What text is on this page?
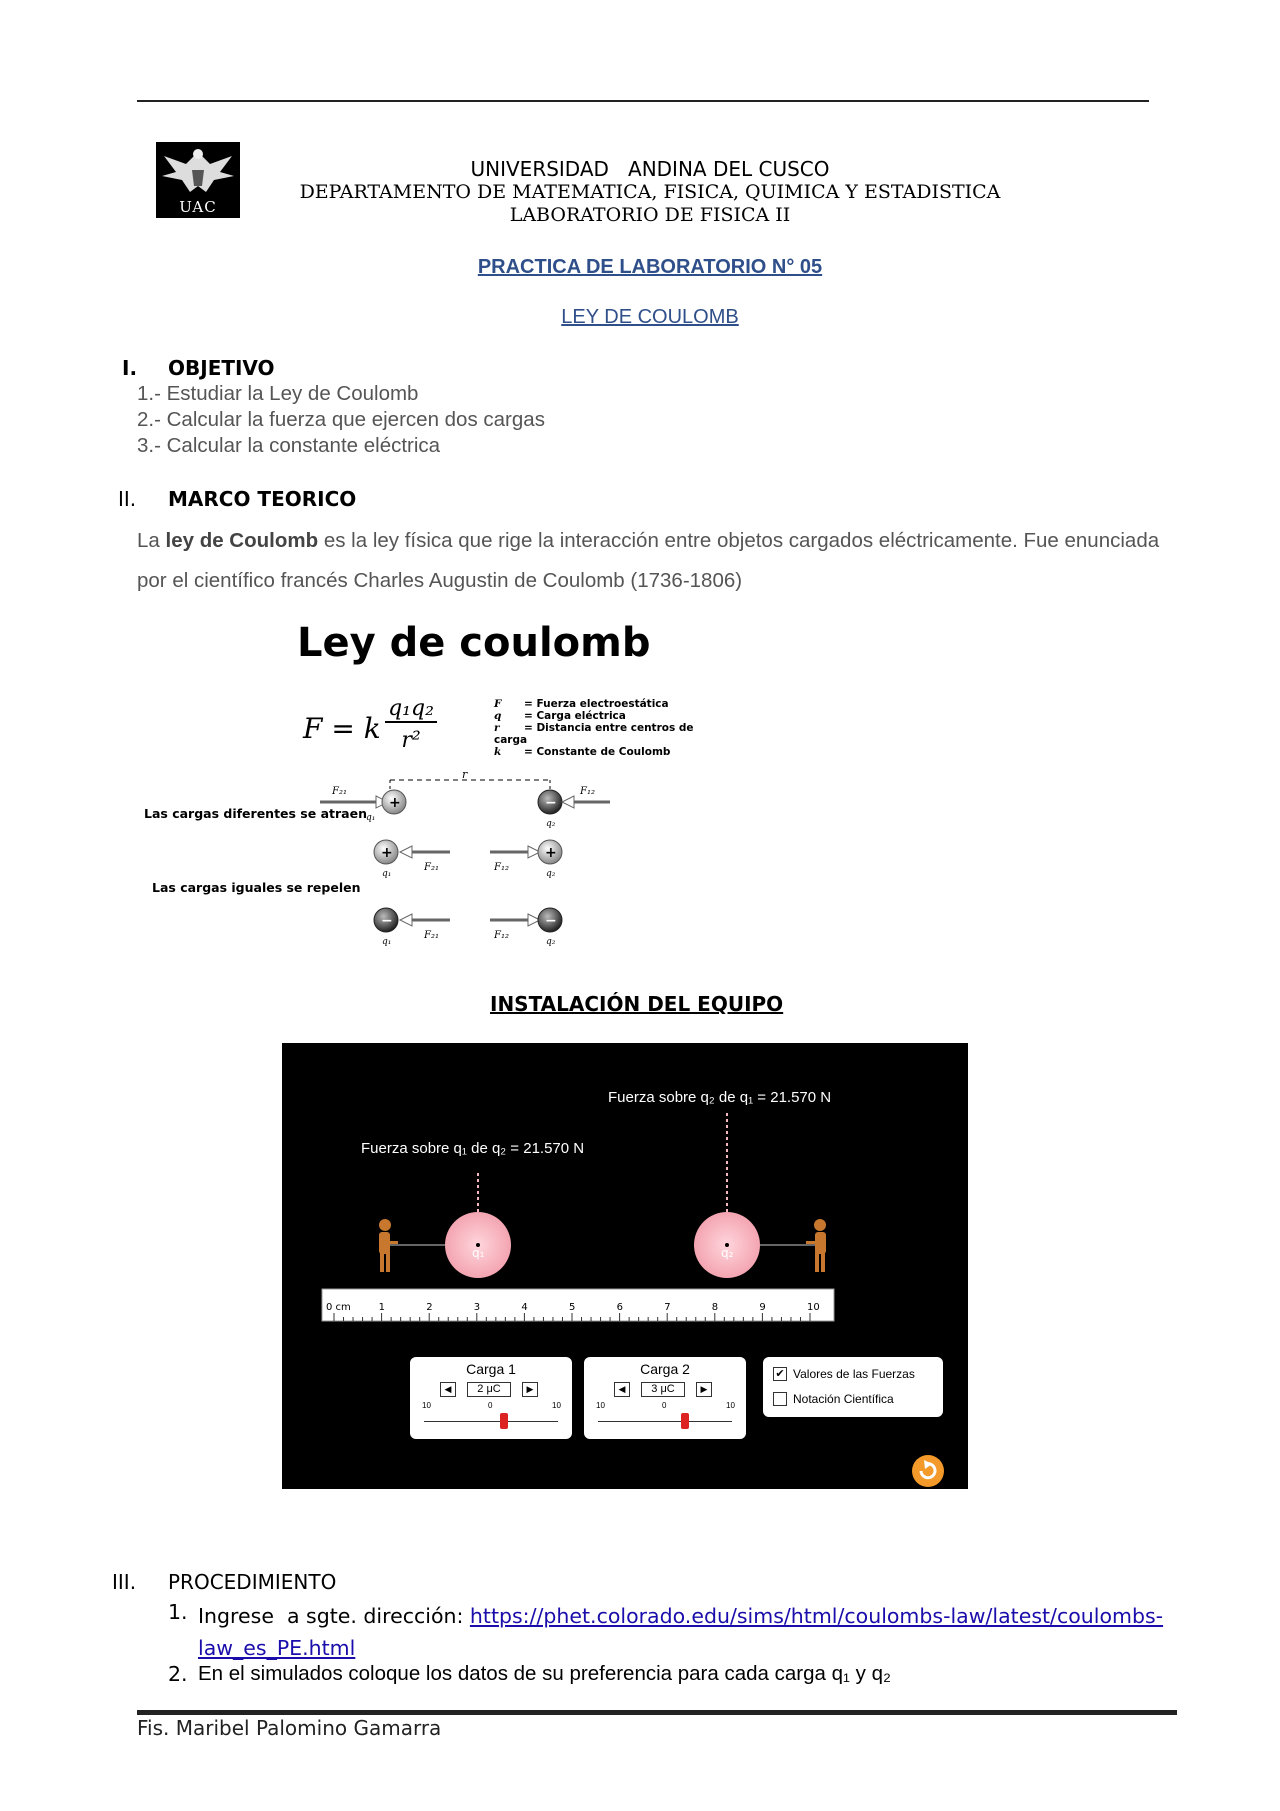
UAC
UNIVERSIDAD   ANDINA DEL CUSCO
DEPARTAMENTO DE MATEMATICA, FISICA, QUIMICA Y ESTADISTICA
LABORATORIO DE FISICA II
PRACTICA DE LABORATORIO N° 05
LEY DE COULOMB
I. OBJETIVO
1.- Estudiar la Ley de Coulomb
2.- Calcular la fuerza que ejercen dos cargas
3.- Calcular la constante eléctrica
II. MARCO TEORICO
La ley de Coulomb es la ley física que rige la interacción entre objetos cargados eléctricamente. Fue enunciada por el científico francés Charles Augustin de Coulomb (1736-1806)
Ley de coulomb
F = k
q₁q₂
r²
F = Fuerza electroestática
q = Carga eléctrica
r = Distancia entre centros de carga
k = Constante de Coulomb
r
F₂₁
+
q₁
−
q₂
F₁₂
Las cargas diferentes se atraen
+
q₁
F₂₁	F₁₂
+
q₂
Las cargas iguales se repelen
−
q₁
F₂₁	F₁₂
−
q₂
INSTALACIÓN DEL EQUIPO
Fuerza sobre q₂ de q₁ = 21.570 N
Fuerza sobre q₁ de q₂ = 21.570 N
q₁	q₂
0 cm	1	2	3	4	5	6	7	8	9	10
Carga 1
◀	2 μC	▶
10	0	10
Carga 2
◀	3 μC	▶
10	0	10
✔ Valores de las Fuerzas
Notación Científica
III. PROCEDIMIENTO
1. Ingrese  a sgte. dirección: https://phet.colorado.edu/sims/html/coulombs-law/latest/coulombs-
law_es_PE.html
2. En el simulados coloque los datos de su preferencia para cada carga q₁ y q₂
Fis. Maribel Palomino Gamarra
